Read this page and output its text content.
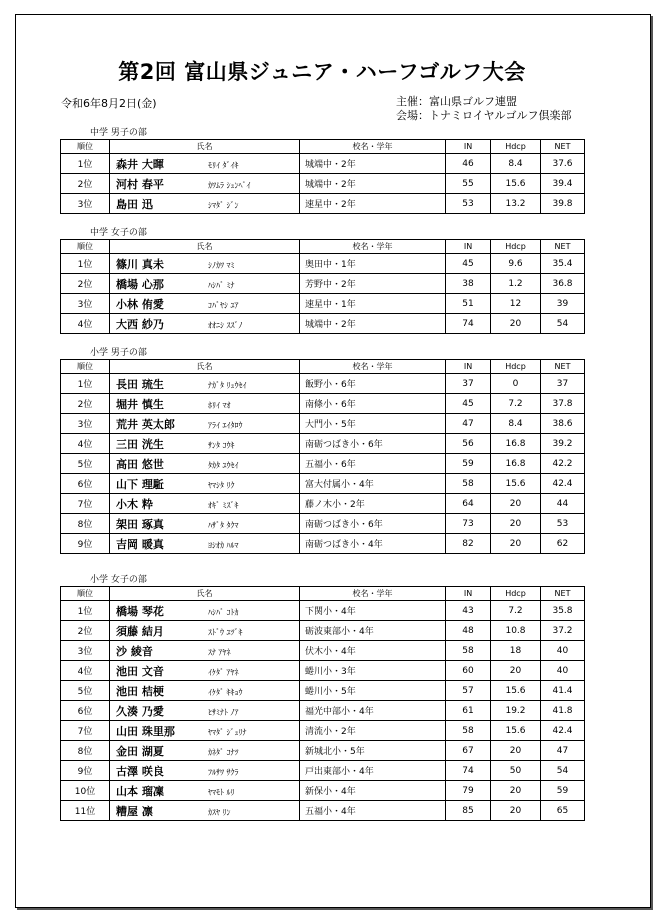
第2回 富山県ジュニア・ハーフゴルフ大会
令和6年8月2日(金)	主催：富山県ゴルフ連盟
会場：トナミロイヤルゴルフ倶楽部
中学 男子の部
順位	氏名	校名・学年	IN	Hdcp	NET
1位	森井 大暉 ﾓﾘｲ ﾀﾞｲｷ	城端中・2年	46	8.4	37.6
2位	河村 春平 ｶﾜﾑﾗ ｼｭﾝﾍﾟｲ	城端中・2年	55	15.6	39.4
3位	島田 迅 ｼﾏﾀﾞ ｼﾞﾝ	速星中・2年	53	13.2	39.8
中学 女子の部
順位	氏名	校名・学年	IN	Hdcp	NET
1位	篠川 真未 ｼﾉｶﾜ ﾏﾐ	奥田中・1年	45	9.6	35.4
2位	橋場 心那 ﾊｼﾊﾞ ﾐﾅ	芳野中・2年	38	1.2	36.8
3位	小林 侑愛 ｺﾊﾞﾔｼ ﾕｱ	速星中・1年	51	12	39
4位	大西 紗乃 ｵｵﾆｼ ｽｽﾞﾉ	城端中・2年	74	20	54
小学 男子の部
順位	氏名	校名・学年	IN	Hdcp	NET
1位	長田 琉生 ﾅｶﾞﾀ ﾘｭｳｾｲ	飯野小・6年	37	0	37
2位	堀井 慎生 ﾎﾘｲ ﾏｵ	南條小・6年	45	7.2	37.8
3位	荒井 英太郎 ｱﾗｲ ｴｲﾀﾛｳ	大門小・5年	47	8.4	38.6
4位	三田 洸生 ｻﾝﾀ ｺｳｷ	南砺つばき小・6年	56	16.8	39.2
5位	高田 悠世 ﾀｶﾀ ﾕｳｾｲ	五福小・6年	59	16.8	42.2
6位	山下 理駈 ﾔﾏｼﾀ ﾘｸ	富大付属小・4年	58	15.6	42.4
7位	小木 粋 ｵｷﾞ ﾐｽﾞｷ	藤ノ木小・2年	64	20	44
8位	架田 琢真 ﾊｻﾞﾀ ﾀｸﾏ	南砺つばき小・6年	73	20	53
9位	吉岡 暖真 ﾖｼｵｶ ﾊﾙﾏ	南砺つばき小・4年	82	20	62
小学 女子の部
順位	氏名	校名・学年	IN	Hdcp	NET
1位	橋場 琴花 ﾊｼﾊﾞ ｺﾄｶ	下関小・4年	43	7.2	35.8
2位	須藤 結月 ｽﾄﾞｳ ﾕﾂﾞｷ	砺波東部小・4年	48	10.8	37.2
3位	沙 綾音 ｽﾅ ｱﾔﾈ	伏木小・4年	58	18	40
4位	池田 文音 ｲｹﾀﾞ ｱﾔﾈ	蜷川小・3年	60	20	40
5位	池田 桔梗 ｲｹﾀﾞ ｷｷｮｳ	蜷川小・5年	57	15.6	41.4
6位	久湊 乃愛 ﾋｻﾐﾅﾄ ﾉｱ	福光中部小・4年	61	19.2	41.8
7位	山田 珠里那 ﾔﾏﾀﾞ ｼﾞｭﾘﾅ	清流小・2年	58	15.6	42.4
8位	金田 湖夏 ｶﾈﾀﾞ ｺﾅﾂ	新城北小・5年	67	20	47
9位	古澤 咲良 ﾌﾙｻﾜ ｻｸﾗ	戸出東部小・4年	74	50	54
10位	山本 瑠凜 ﾔﾏﾓﾄ ﾙﾘ	新保小・4年	79	20	59
11位	糟屋 凛 ｶｽﾔ ﾘﾝ	五福小・4年	85	20	65
